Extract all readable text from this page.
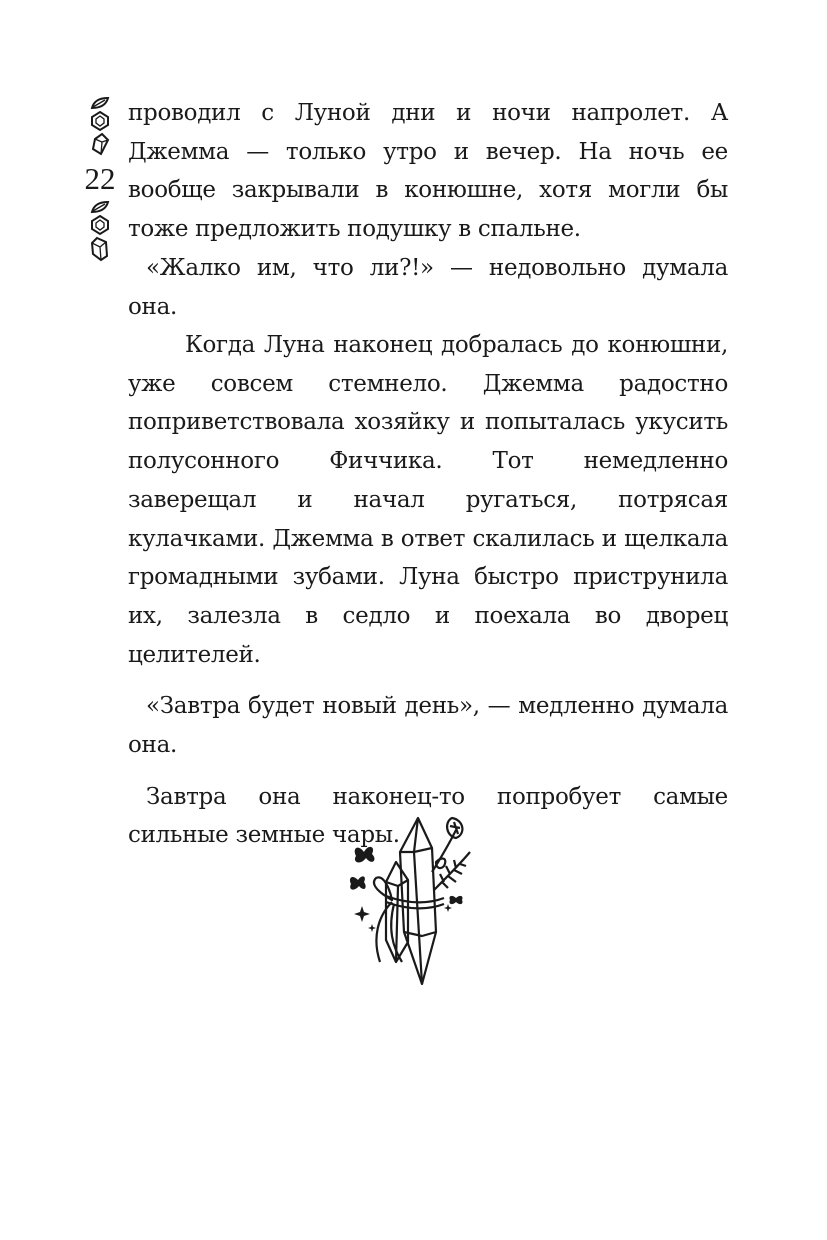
22

проводил с Луной дни и ночи напролет. А Джемма — только утро и вечер. На ночь ее вообще закрывали в конюшне, хотя могли бы тоже предложить подушку в спальне.

«Жалко им, что ли?!» — недовольно думала она.

Когда Луна наконец добралась до конюшни, уже совсем стемнело. Джемма радостно поприветствовала хозяйку и попыталась укусить полусонного Фиччика. Тот немедленно заверещал и начал ругаться, потрясая кулачками. Джемма в ответ скалилась и щелкала громадными зубами. Луна быстро приструнила их, залезла в седло и поехала во дворец целителей.

«Завтра будет новый день», — медленно думала она.

Завтра она наконец-то попробует самые сильные земные чары.
